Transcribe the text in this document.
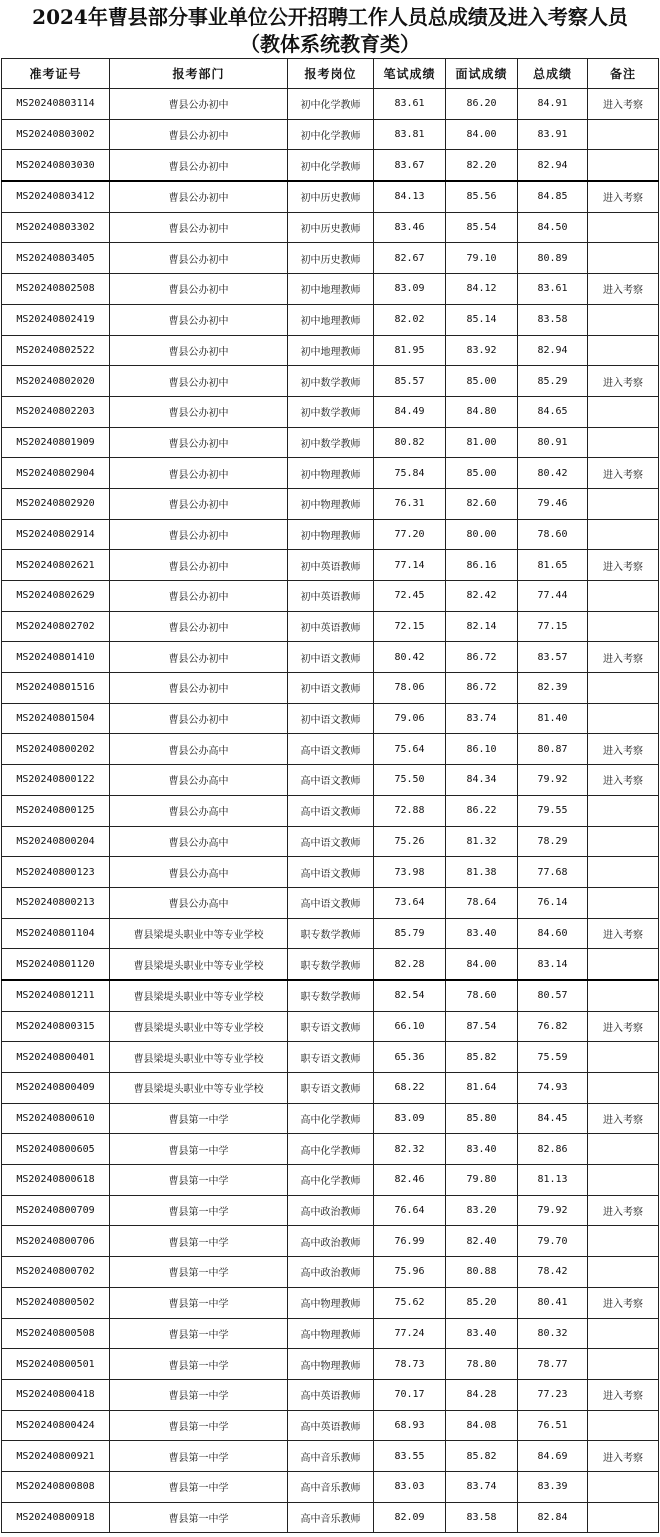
2024年曹县部分事业单位公开招聘工作人员总成绩及进入考察人员
（教体系统教育类）
准考证号	报考部门	报考岗位	笔试成绩	面试成绩	总成绩	备注
MS20240803114	曹县公办初中	初中化学教师	83.61	86.20	84.91	进入考察
MS20240803002	曹县公办初中	初中化学教师	83.81	84.00	83.91	
MS20240803030	曹县公办初中	初中化学教师	83.67	82.20	82.94	
MS20240803412	曹县公办初中	初中历史教师	84.13	85.56	84.85	进入考察
MS20240803302	曹县公办初中	初中历史教师	83.46	85.54	84.50	
MS20240803405	曹县公办初中	初中历史教师	82.67	79.10	80.89	
MS20240802508	曹县公办初中	初中地理教师	83.09	84.12	83.61	进入考察
MS20240802419	曹县公办初中	初中地理教师	82.02	85.14	83.58	
MS20240802522	曹县公办初中	初中地理教师	81.95	83.92	82.94	
MS20240802020	曹县公办初中	初中数学教师	85.57	85.00	85.29	进入考察
MS20240802203	曹县公办初中	初中数学教师	84.49	84.80	84.65	
MS20240801909	曹县公办初中	初中数学教师	80.82	81.00	80.91	
MS20240802904	曹县公办初中	初中物理教师	75.84	85.00	80.42	进入考察
MS20240802920	曹县公办初中	初中物理教师	76.31	82.60	79.46	
MS20240802914	曹县公办初中	初中物理教师	77.20	80.00	78.60	
MS20240802621	曹县公办初中	初中英语教师	77.14	86.16	81.65	进入考察
MS20240802629	曹县公办初中	初中英语教师	72.45	82.42	77.44	
MS20240802702	曹县公办初中	初中英语教师	72.15	82.14	77.15	
MS20240801410	曹县公办初中	初中语文教师	80.42	86.72	83.57	进入考察
MS20240801516	曹县公办初中	初中语文教师	78.06	86.72	82.39	
MS20240801504	曹县公办初中	初中语文教师	79.06	83.74	81.40	
MS20240800202	曹县公办高中	高中语文教师	75.64	86.10	80.87	进入考察
MS20240800122	曹县公办高中	高中语文教师	75.50	84.34	79.92	进入考察
MS20240800125	曹县公办高中	高中语文教师	72.88	86.22	79.55	
MS20240800204	曹县公办高中	高中语文教师	75.26	81.32	78.29	
MS20240800123	曹县公办高中	高中语文教师	73.98	81.38	77.68	
MS20240800213	曹县公办高中	高中语文教师	73.64	78.64	76.14	
MS20240801104	曹县梁堤头职业中等专业学校	职专数学教师	85.79	83.40	84.60	进入考察
MS20240801120	曹县梁堤头职业中等专业学校	职专数学教师	82.28	84.00	83.14	
MS20240801211	曹县梁堤头职业中等专业学校	职专数学教师	82.54	78.60	80.57	
MS20240800315	曹县梁堤头职业中等专业学校	职专语文教师	66.10	87.54	76.82	进入考察
MS20240800401	曹县梁堤头职业中等专业学校	职专语文教师	65.36	85.82	75.59	
MS20240800409	曹县梁堤头职业中等专业学校	职专语文教师	68.22	81.64	74.93	
MS20240800610	曹县第一中学	高中化学教师	83.09	85.80	84.45	进入考察
MS20240800605	曹县第一中学	高中化学教师	82.32	83.40	82.86	
MS20240800618	曹县第一中学	高中化学教师	82.46	79.80	81.13	
MS20240800709	曹县第一中学	高中政治教师	76.64	83.20	79.92	进入考察
MS20240800706	曹县第一中学	高中政治教师	76.99	82.40	79.70	
MS20240800702	曹县第一中学	高中政治教师	75.96	80.88	78.42	
MS20240800502	曹县第一中学	高中物理教师	75.62	85.20	80.41	进入考察
MS20240800508	曹县第一中学	高中物理教师	77.24	83.40	80.32	
MS20240800501	曹县第一中学	高中物理教师	78.73	78.80	78.77	
MS20240800418	曹县第一中学	高中英语教师	70.17	84.28	77.23	进入考察
MS20240800424	曹县第一中学	高中英语教师	68.93	84.08	76.51	
MS20240800921	曹县第一中学	高中音乐教师	83.55	85.82	84.69	进入考察
MS20240800808	曹县第一中学	高中音乐教师	83.03	83.74	83.39	
MS20240800918	曹县第一中学	高中音乐教师	82.09	83.58	82.84	
